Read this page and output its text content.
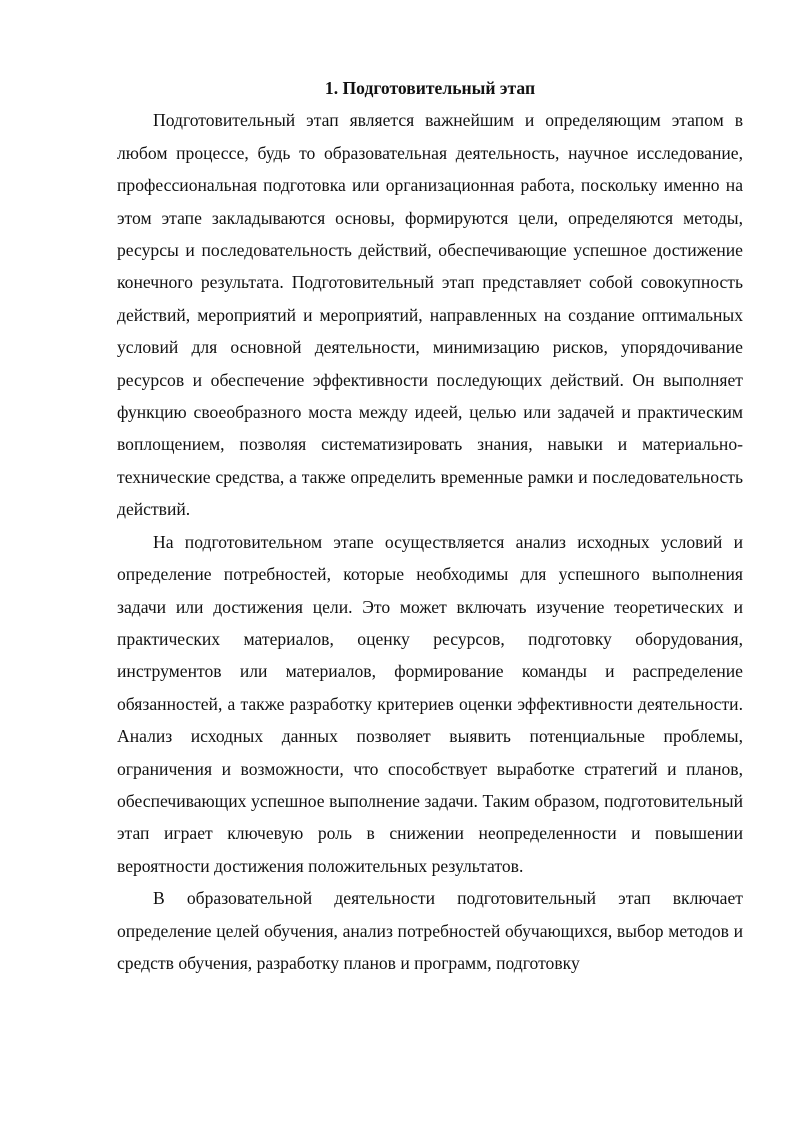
1. Подготовительный этап

Подготовительный этап является важнейшим и определяющим этапом в любом процессе, будь то образовательная деятельность, научное исследование, профессиональная подготовка или организационная работа, поскольку именно на этом этапе закладываются основы, формируются цели, определяются методы, ресурсы и последовательность действий, обеспечивающие успешное достижение конечного результата. Подготовительный этап представляет собой совокупность действий, мероприятий и мероприятий, направленных на создание оптимальных условий для основной деятельности, минимизацию рисков, упорядочивание ресурсов и обеспечение эффективности последующих действий. Он выполняет функцию своеобразного моста между идеей, целью или задачей и практическим воплощением, позволяя систематизировать знания, навыки и материально-технические средства, а также определить временные рамки и последовательность действий.

На подготовительном этапе осуществляется анализ исходных условий и определение потребностей, которые необходимы для успешного выполнения задачи или достижения цели. Это может включать изучение теоретических и практических материалов, оценку ресурсов, подготовку оборудования, инструментов или материалов, формирование команды и распределение обязанностей, а также разработку критериев оценки эффективности деятельности. Анализ исходных данных позволяет выявить потенциальные проблемы, ограничения и возможности, что способствует выработке стратегий и планов, обеспечивающих успешное выполнение задачи. Таким образом, подготовительный этап играет ключевую роль в снижении неопределенности и повышении вероятности достижения положительных результатов.

В образовательной деятельности подготовительный этап включает определение целей обучения, анализ потребностей обучающихся, выбор методов и средств обучения, разработку планов и программ, подготовку
